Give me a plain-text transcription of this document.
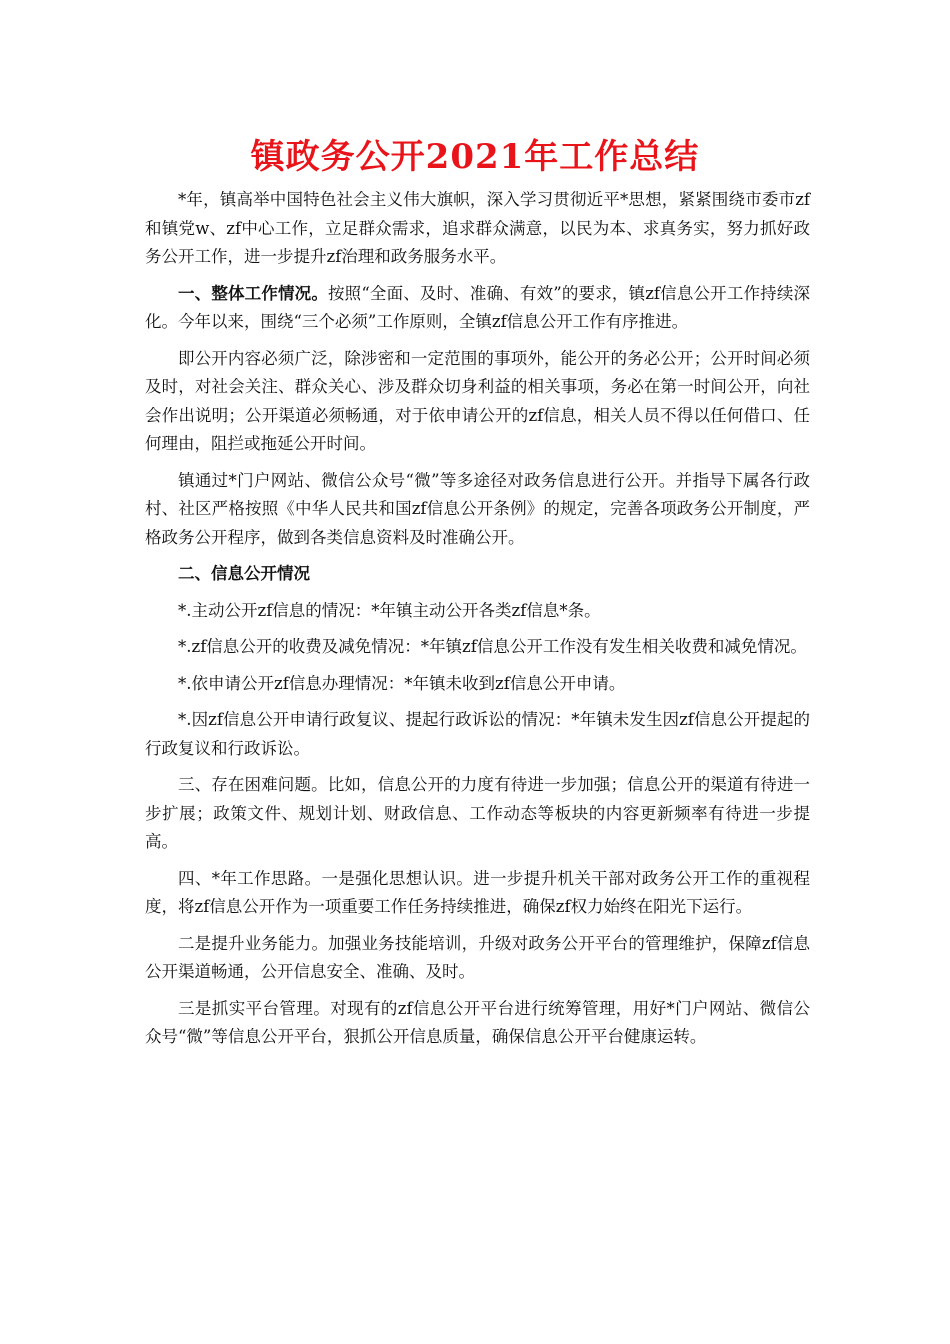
镇政务公开2021年工作总结

*年，镇高举中国特色社会主义伟大旗帜，深入学习贯彻近平*思想，紧紧围绕市委市zf和镇党w、zf中心工作，立足群众需求，追求群众满意，以民为本、求真务实，努力抓好政务公开工作，进一步提升zf治理和政务服务水平。

一、整体工作情况。按照“全面、及时、准确、有效”的要求，镇zf信息公开工作持续深化。今年以来，围绕“三个必须”工作原则，全镇zf信息公开工作有序推进。

即公开内容必须广泛，除涉密和一定范围的事项外，能公开的务必公开；公开时间必须及时，对社会关注、群众关心、涉及群众切身利益的相关事项，务必在第一时间公开，向社会作出说明；公开渠道必须畅通，对于依申请公开的zf信息，相关人员不得以任何借口、任何理由，阻拦或拖延公开时间。

镇通过*门户网站、微信公众号“微”等多途径对政务信息进行公开。并指导下属各行政村、社区严格按照《中华人民共和国zf信息公开条例》的规定，完善各项政务公开制度，严格政务公开程序，做到各类信息资料及时准确公开。

二、信息公开情况

*.主动公开zf信息的情况：*年镇主动公开各类zf信息*条。

*.zf信息公开的收费及减免情况：*年镇zf信息公开工作没有发生相关收费和减免情况。

*.依申请公开zf信息办理情况：*年镇未收到zf信息公开申请。

*.因zf信息公开申请行政复议、提起行政诉讼的情况：*年镇未发生因zf信息公开提起的行政复议和行政诉讼。

三、存在困难问题。比如，信息公开的力度有待进一步加强；信息公开的渠道有待进一步扩展；政策文件、规划计划、财政信息、工作动态等板块的内容更新频率有待进一步提高。

四、*年工作思路。一是强化思想认识。进一步提升机关干部对政务公开工作的重视程度，将zf信息公开作为一项重要工作任务持续推进，确保zf权力始终在阳光下运行。

二是提升业务能力。加强业务技能培训，升级对政务公开平台的管理维护，保障zf信息公开渠道畅通，公开信息安全、准确、及时。

三是抓实平台管理。对现有的zf信息公开平台进行统筹管理，用好*门户网站、微信公众号“微”等信息公开平台，狠抓公开信息质量，确保信息公开平台健康运转。
